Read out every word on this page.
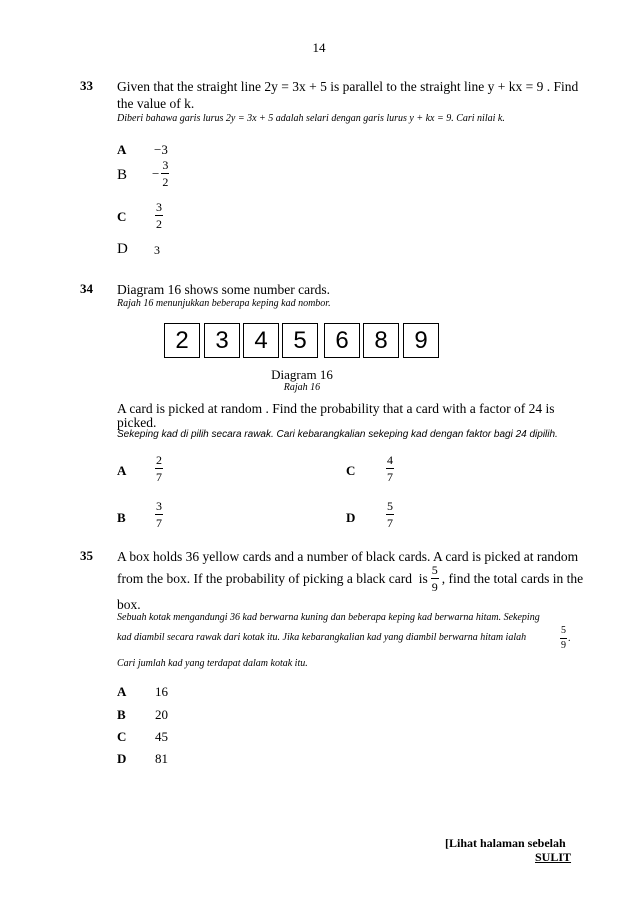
14
33 Given that the straight line 2y = 3x + 5 is parallel to the straight line y + kx = 9 . Find
the value of k.
Diberi bahawa garis lurus 2y = 3x + 5 adalah selari dengan garis lurus y + kx = 9. Cari nilai k.
A −3
$B - \frac{3}{2}$
C $\frac{3}{2}$
D 3
34 Diagram 16 shows some number cards.
Rajah 16 menunjukkan beberapa keping kad nombor.
2	3	4	5	6	8	9
Diagram 16
Rajah 16
A card is picked at random . Find the probability that a card with a factor of 24 is
picked.
Sekeping kad di pilih secara rawak. Cari kebarangkalian sekeping kad dengan faktor bagi 24 dipilih.
A $\frac{2}{7}$	C	$\frac{4}{7}$
B $\frac{3}{7}$	D	$\frac{5}{7}$
35 A box holds 36 yellow cards and a number of black cards. A card is picked at random
from the box. If the probability of picking a black card  is $\frac{5}{9}$ , find the total cards in the
box.
Sebuah kotak mengandungi 36 kad berwarna kuning dan beberapa keping kad berwarna hitam. Sekeping
kad diambil secara rawak dari kotak itu. Jika kebarangkalian kad yang diambil berwarna hitam ialah	$\frac{5}{9}$ .
Cari jumlah kad yang terdapat dalam kotak itu.
A 16
B 20
C 45
D 81
[Lihat halaman sebelah
SULIT
